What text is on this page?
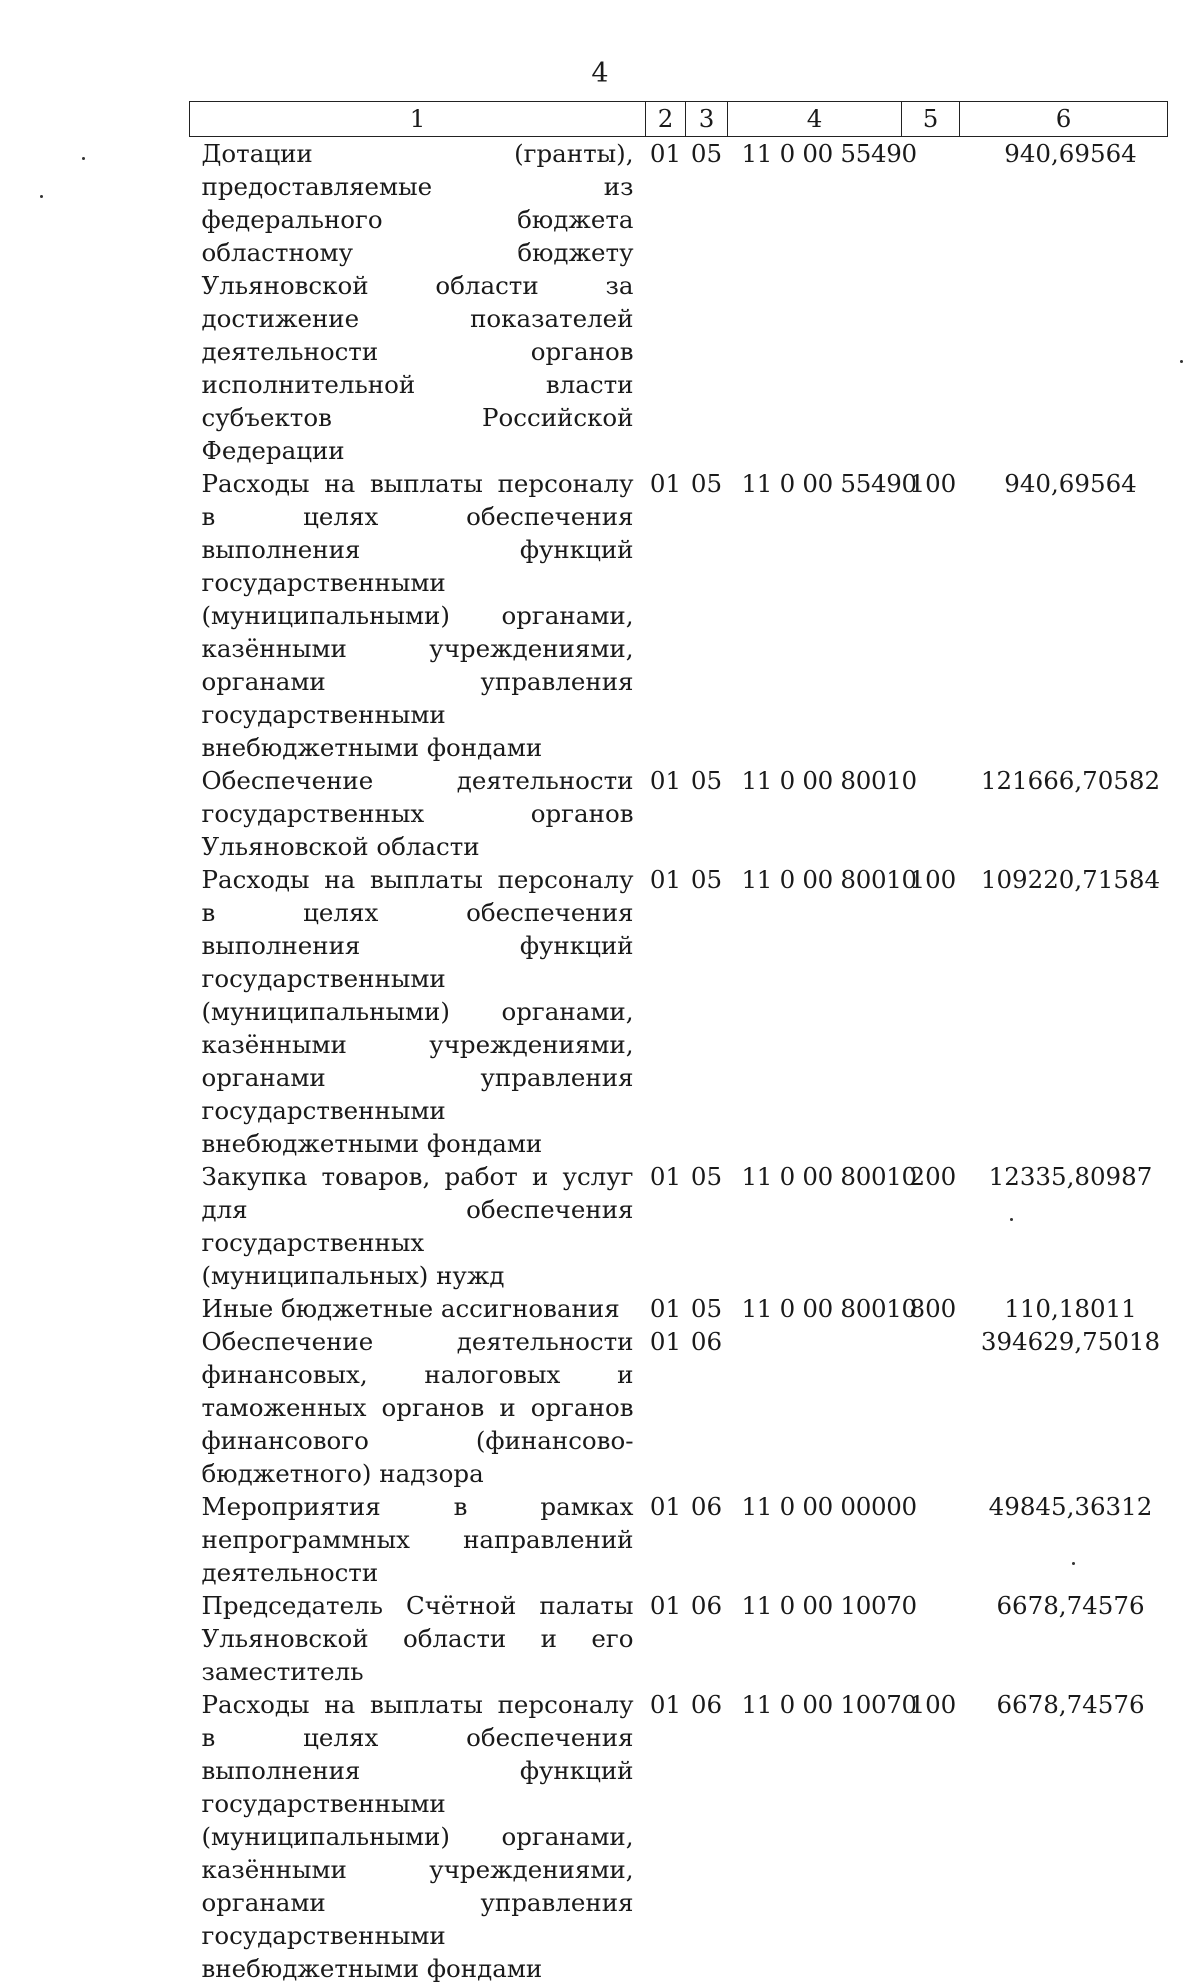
4
1	2	3	4	5	6
Дотации (гранты), предоставляемые из федерального бюджета областному бюджету Ульяновской области за достижение показателей деятельности органов исполнительной власти субъектов Российской Федерации	01	05	11 0 00 55490		940,69564
Расходы на выплаты персоналу в целях обеспечения выполнения функций государственными (муниципальными) органами, казёнными учреждениями, органами управления государственными внебюджетными фондами	01	05	11 0 00 55490	100	940,69564
Обеспечение деятельности государственных органов Ульяновской области	01	05	11 0 00 80010		121666,70582
Расходы на выплаты персоналу в целях обеспечения выполнения функций государственными (муниципальными) органами, казёнными учреждениями, органами управления государственными внебюджетными фондами	01	05	11 0 00 80010	100	109220,71584
Закупка товаров, работ и услуг для обеспечения государственных (муниципальных) нужд	01	05	11 0 00 80010	200	12335,80987
Иные бюджетные ассигнования	01	05	11 0 00 80010	800	110,18011
Обеспечение деятельности финансовых, налоговых и таможенных органов и органов финансового (финансово-бюджетного) надзора	01	06			394629,75018
Мероприятия в рамках непрограммных направлений деятельности	01	06	11 0 00 00000		49845,36312
Председатель Счётной палаты Ульяновской области и его заместитель	01	06	11 0 00 10070		6678,74576
Расходы на выплаты персоналу в целях обеспечения выполнения функций государственными (муниципальными) органами, казёнными учреждениями, органами управления государственными внебюджетными фондами	01	06	11 0 00 10070	100	6678,74576
